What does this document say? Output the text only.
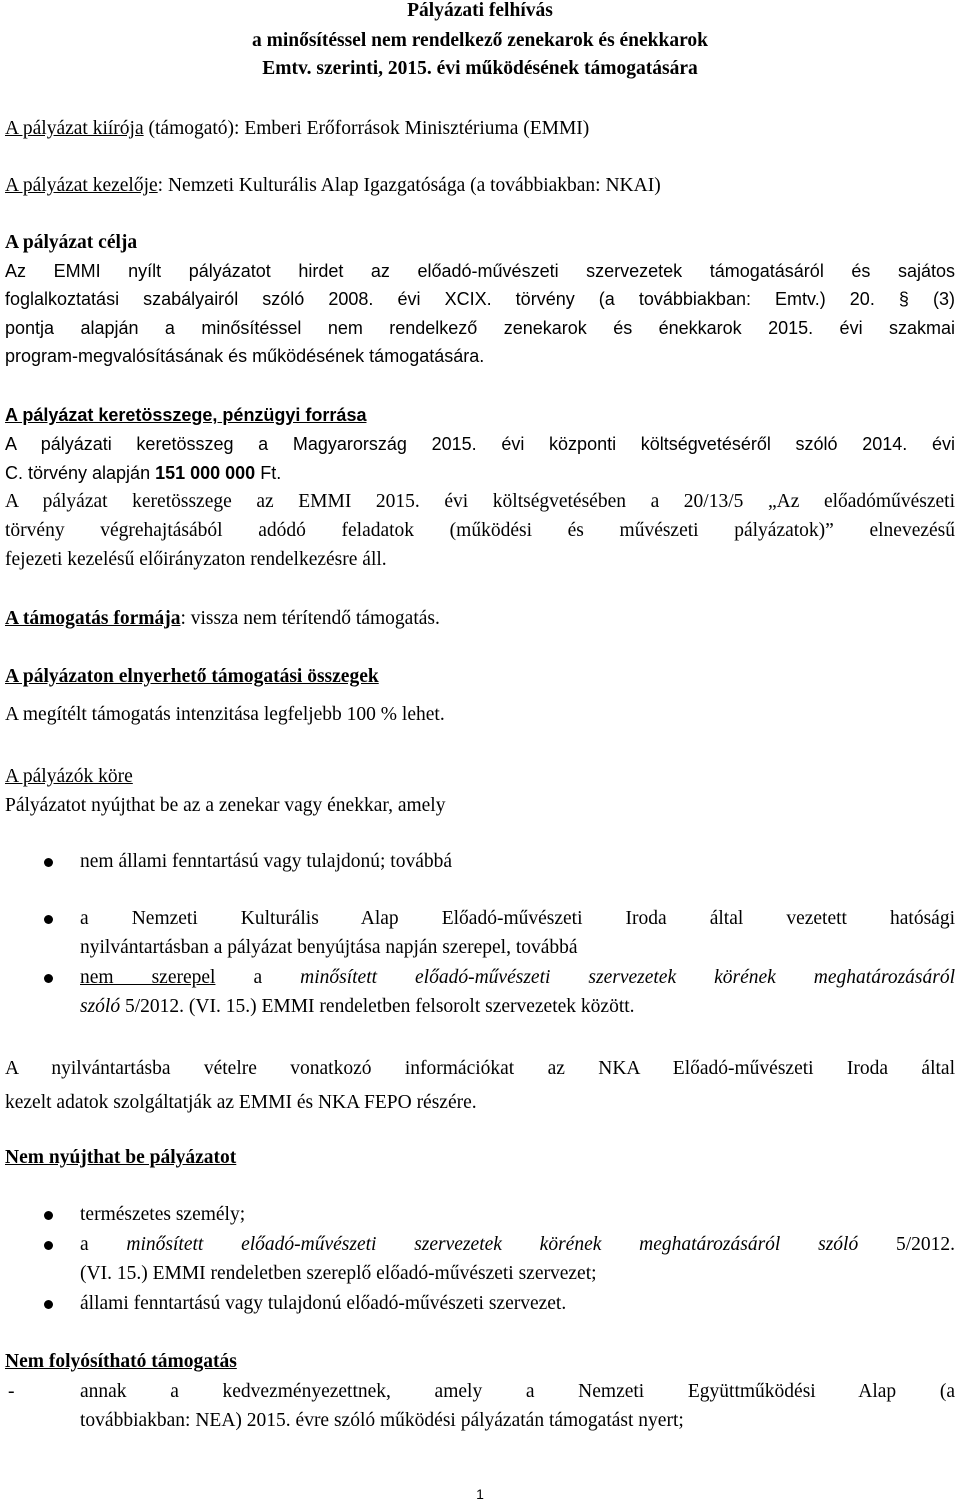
Pályázati felhívás
a minősítéssel nem rendelkező zenekarok és énekkarok
Emtv. szerinti, 2015. évi működésének támogatására
A pályázat kiírója (támogató): Emberi Erőforrások Minisztériuma (EMMI)
A pályázat kezelője: Nemzeti Kulturális Alap Igazgatósága (a továbbiakban: NKAI)
A pályázat célja
Az EMMI nyílt pályázatot hirdet az előadó-művészeti szervezetek támogatásáról és sajátos
foglalkoztatási szabályairól szóló 2008. évi XCIX. törvény (a továbbiakban: Emtv.) 20. § (3)
pontja alapján a minősítéssel nem rendelkező zenekarok és énekkarok 2015. évi szakmai
program-megvalósításának és működésének támogatására.
A pályázat keretösszege, pénzügyi forrása
A pályázati keretösszeg a Magyarország 2015. évi központi költségvetéséről szóló 2014. évi
C. törvény alapján 151 000 000 Ft.
A pályázat keretösszege az EMMI 2015. évi költségvetésében a 20/13/5 „Az előadóművészeti
törvény végrehajtásából adódó feladatok (működési és művészeti pályázatok)” elnevezésű
fejezeti kezelésű előirányzaton rendelkezésre áll.
A támogatás formája: vissza nem térítendő támogatás.
A pályázaton elnyerhető támogatási összegek
A megítélt támogatás intenzitása legfeljebb 100 % lehet.
A pályázók köre
Pályázatot nyújthat be az a zenekar vagy énekkar, amely
nem állami fenntartású vagy tulajdonú; továbbá
a Nemzeti Kulturális Alap Előadó-művészeti Iroda által vezetett hatósági
nyilvántartásban a pályázat benyújtása napján szerepel, továbbá
nem szerepel a minősített előadó-művészeti szervezetek körének meghatározásáról
szóló 5/2012. (VI. 15.) EMMI rendeletben felsorolt szervezetek között.
A nyilvántartásba vételre vonatkozó információkat az NKA Előadó-művészeti Iroda által
kezelt adatok szolgáltatják az EMMI és NKA FEPO részére.
Nem nyújthat be pályázatot
természetes személy;
a minősített előadó-művészeti szervezetek körének meghatározásáról szóló 5/2012.
(VI. 15.) EMMI rendeletben szereplő előadó-művészeti szervezet;
állami fenntartású vagy tulajdonú előadó-művészeti szervezet.
Nem folyósítható támogatás
-	annak a kedvezményezettnek, amely a Nemzeti Együttműködési Alap (a
továbbiakban: NEA) 2015. évre szóló működési pályázatán támogatást nyert;
1
